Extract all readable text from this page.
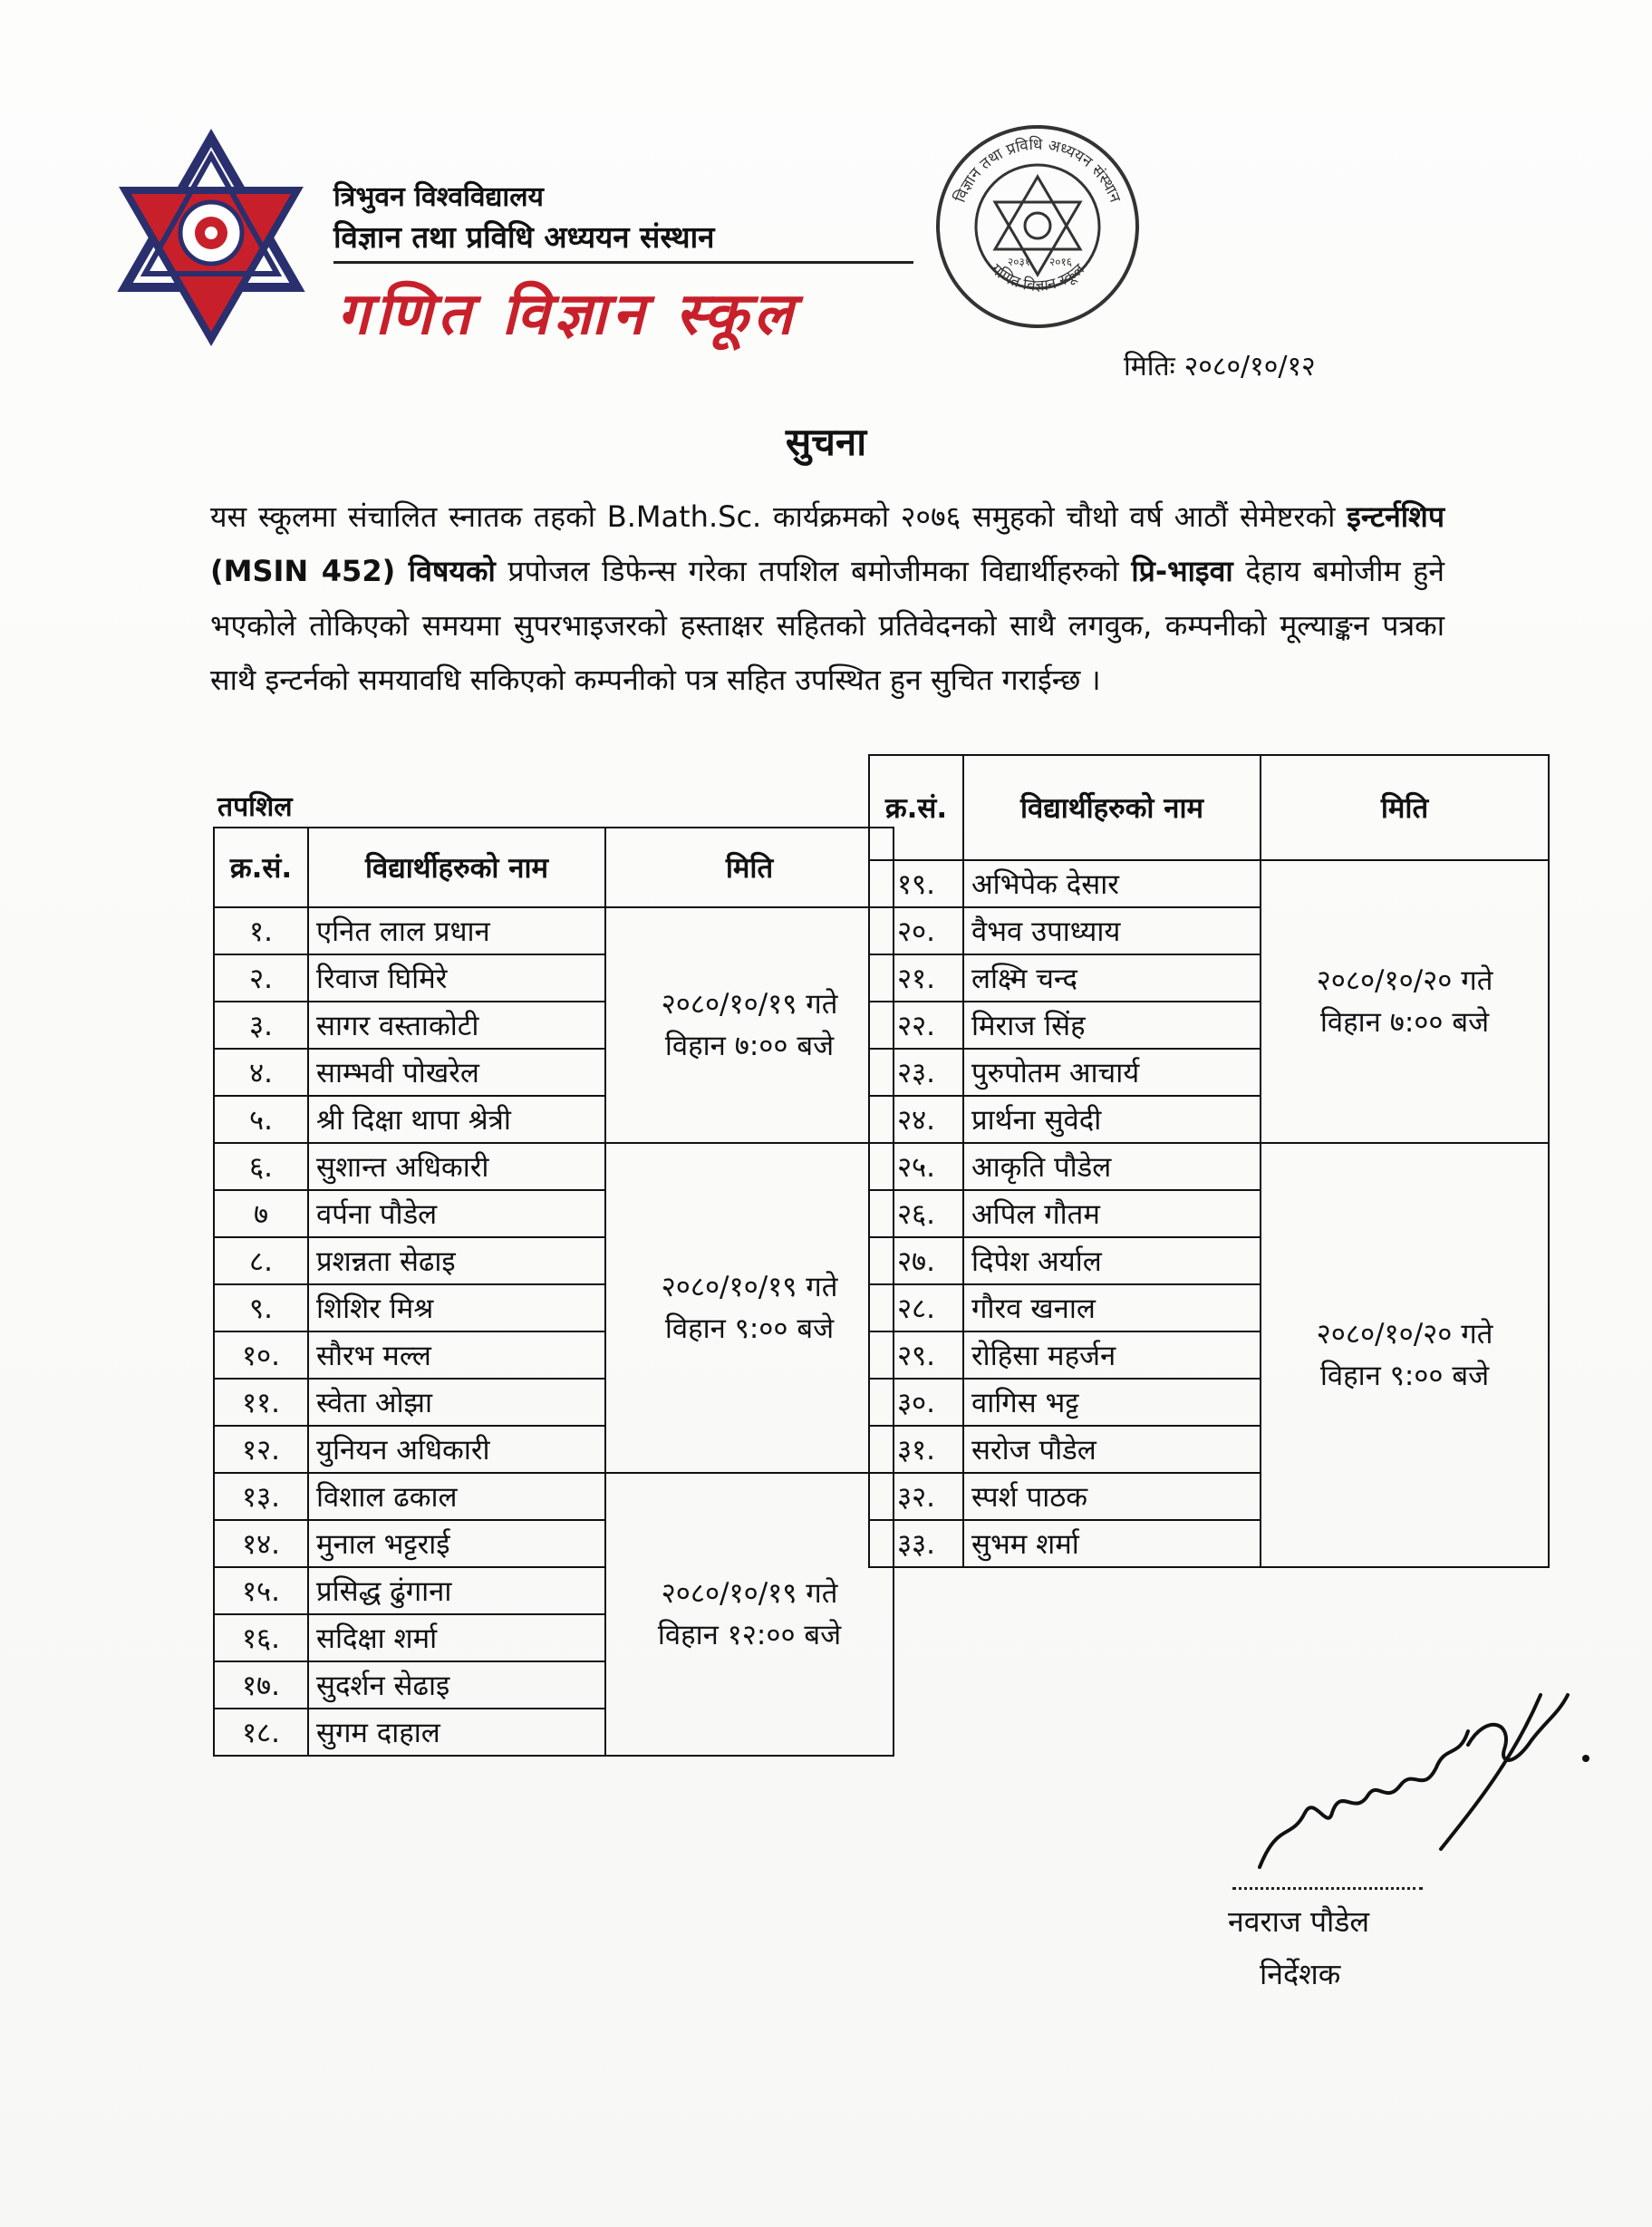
त्रिभुवन विश्वविद्यालय
विज्ञान तथा प्रविधि अध्ययन संस्थान
गणित विज्ञान स्कूल
विज्ञान तथा प्रविधि अध्ययन संस्थान
गणित विज्ञान स्कूल
२०३१ २०१६
मितिः २०८०/१०/१२
सुचना
यस स्कूलमा संचालित स्नातक तहको B.Math.Sc. कार्यक्रमको २०७६ समुहको चौथो वर्ष आठौं सेमेष्टरको इन्टर्नशिप (MSIN 452) विषयको प्रपोजल डिफेन्स गरेका तपशिल बमोजीमका विद्यार्थीहरुको प्रि-भाइवा देहाय बमोजीम हुने भएकोले तोकिएको समयमा सुपरभाइजरको हस्ताक्षर सहितको प्रतिवेदनको साथै लगवुक, कम्पनीको मूल्याङ्कन पत्रका साथै इन्टर्नको समयावधि सकिएको कम्पनीको पत्र सहित उपस्थित हुन सुचित गराईन्छ ।
तपशिल
क्र.सं.	विद्यार्थीहरुको नाम	मिति
१.	एनित लाल प्रधान	२०८०/१०/१९ गते
विहान ७:०० बजे

२.	रिवाज घिमिरे	
३.	सागर वस्ताकोटी	
४.	साम्भवी पोखरेल	
५.	श्री दिक्षा थापा श्रेत्री	
६.	सुशान्त अधिकारी	२०८०/१०/१९ गते
विहान ९:०० बजे

७	वर्पना पौडेल	
८.	प्रशन्नता सेढाइ	
९.	शिशिर मिश्र	
१०.	सौरभ मल्ल	
११.	स्वेता ओझा	
१२.	युनियन अधिकारी	
१३.	विशाल ढकाल	२०८०/१०/१९ गते
विहान १२:०० बजे

१४.	मुनाल भट्टराई	
१५.	प्रसिद्ध ढुंगाना	
१६.	सदिक्षा शर्मा	
१७.	सुदर्शन सेढाइ	
१८.	सुगम दाहाल	
क्र.सं.	विद्यार्थीहरुको नाम	मिति
१९.	अभिपेक देसार	२०८०/१०/२० गते
विहान ७:०० बजे

२०.	वैभव उपाध्याय	
२१.	लक्ष्मि चन्द	
२२.	मिराज सिंह	
२३.	पुरुपोतम आचार्य	
२४.	प्रार्थना सुवेदी	
२५.	आकृति पौडेल	२०८०/१०/२० गते
विहान ९:०० बजे

२६.	अपिल गौतम	
२७.	दिपेश अर्याल	
२८.	गौरव खनाल	
२९.	रोहिसा महर्जन	
३०.	वागिस भट्ट	
३१.	सरोज पौडेल	
३२.	स्पर्श पाठक	
३३.	सुभम शर्मा	
नवराज पौडेल
निर्देशक
